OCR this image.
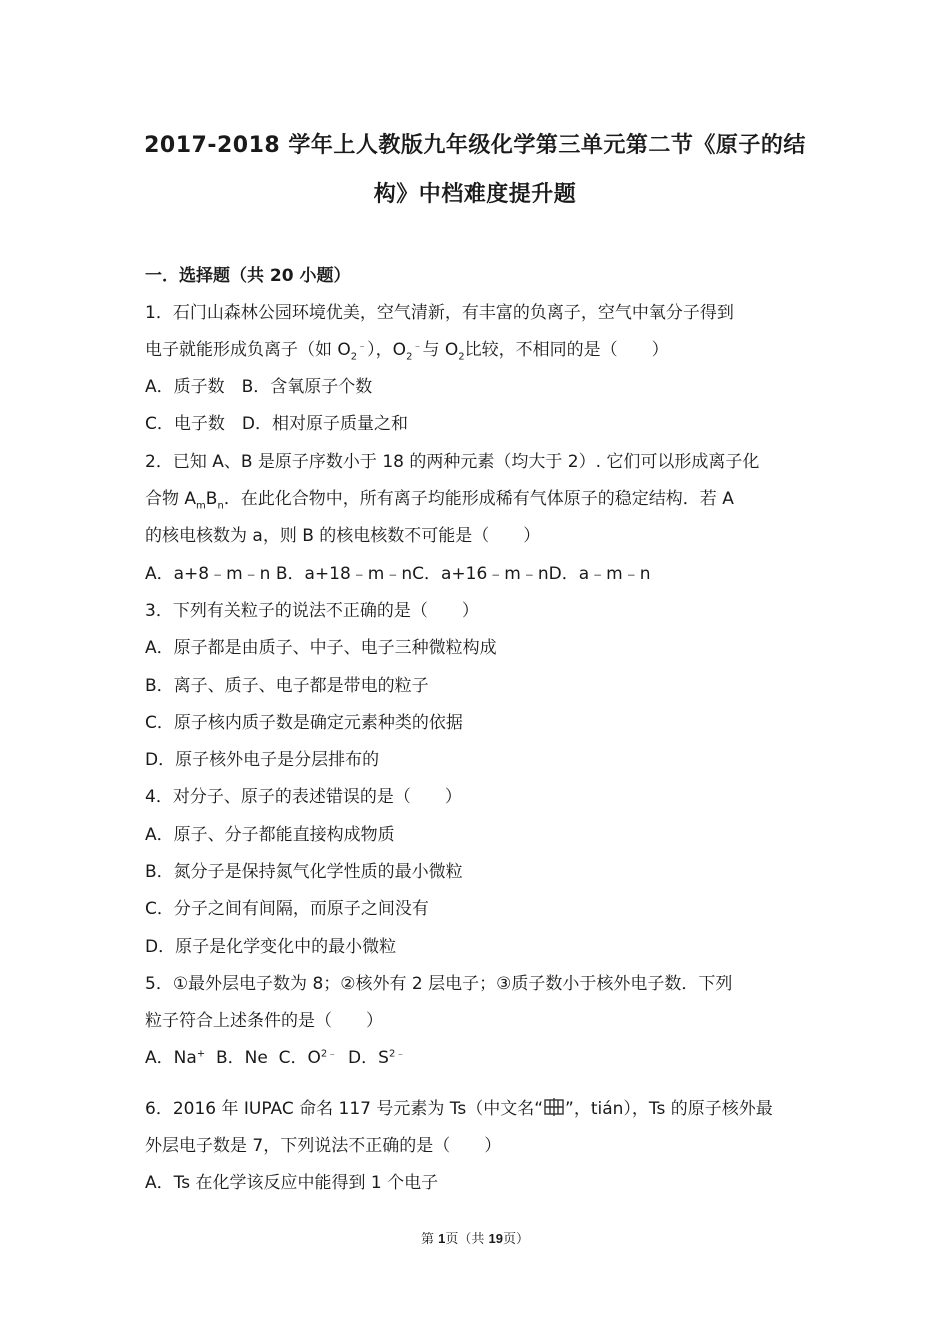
2017-2018 学年上人教版九年级化学第三单元第二节《原子的结
构》中档难度提升题
一．选择题（共 20 小题）
1．石门山森林公园环境优美，空气清新，有丰富的负离子，空气中氧分子得到
电子就能形成负离子（如 $O_2^﹣$），$O_2^﹣$与 $O_2$比较，不相同的是（　　）
A．质子数　B．含氧原子个数
C．电子数　D．相对原子质量之和
2．已知 A、B 是原子序数小于 18 的两种元素（均大于 2）. 它们可以形成离子化
合物 $A_mB_n$．在此化合物中，所有离子均能形成稀有气体原子的稳定结构．若 A
的核电核数为 a，则 B 的核电核数不可能是（　　）
A．a+8﹣m﹣n B．a+18﹣m﹣nC．a+16﹣m﹣nD．a﹣m﹣n
3．下列有关粒子的说法不正确的是（　　）
A．原子都是由质子、中子、电子三种微粒构成
B．离子、质子、电子都是带电的粒子
C．原子核内质子数是确定元素种类的依据
D．原子核外电子是分层排布的
4．对分子、原子的表述错误的是（　　）
A．原子、分子都能直接构成物质
B．氮分子是保持氮气化学性质的最小微粒
C．分子之间有间隔，而原子之间没有
D．原子是化学变化中的最小微粒
5．①最外层电子数为 8；②核外有 2 层电子；③质子数小于核外电子数．下列
粒子符合上述条件的是（　　）
A．Na+  B．Ne  C．$O^{2﹣}$  D．$S^{2﹣}$
6．2016 年 IUPAC 命名 117 号元素为 Ts（中文名“ ”，tián），Ts 的原子核外最
外层电子数是 7，下列说法不正确的是（　　）
A．Ts 在化学该反应中能得到 1 个电子
第 1页（共 19页）
